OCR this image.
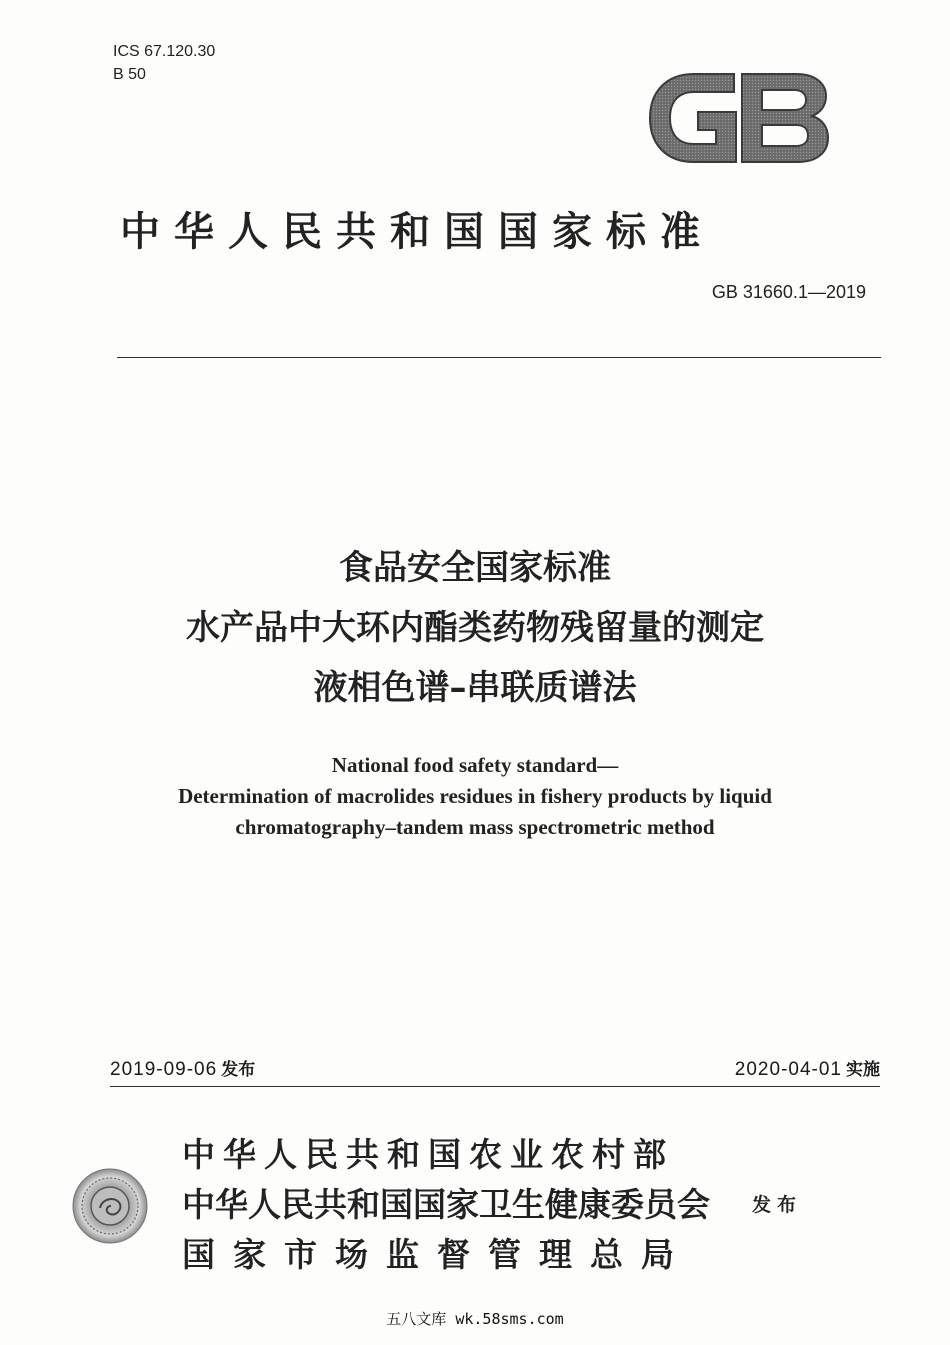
ICS 67.120.30
B 50
GB
中华人民共和国国家标准
GB 31660.1—2019
食品安全国家标准
水产品中大环内酯类药物残留量的测定
液相色谱–串联质谱法
National food safety standard—
Determination of macrolides residues in fishery products by liquid
chromatography–tandem mass spectrometric method
2019-09-06 发布	2020-04-01 实施
中华人民共和国农业农村部
中华人民共和国国家卫生健康委员会
国家市场监督管理总局
发布
五八文库 wk.58sms.com
